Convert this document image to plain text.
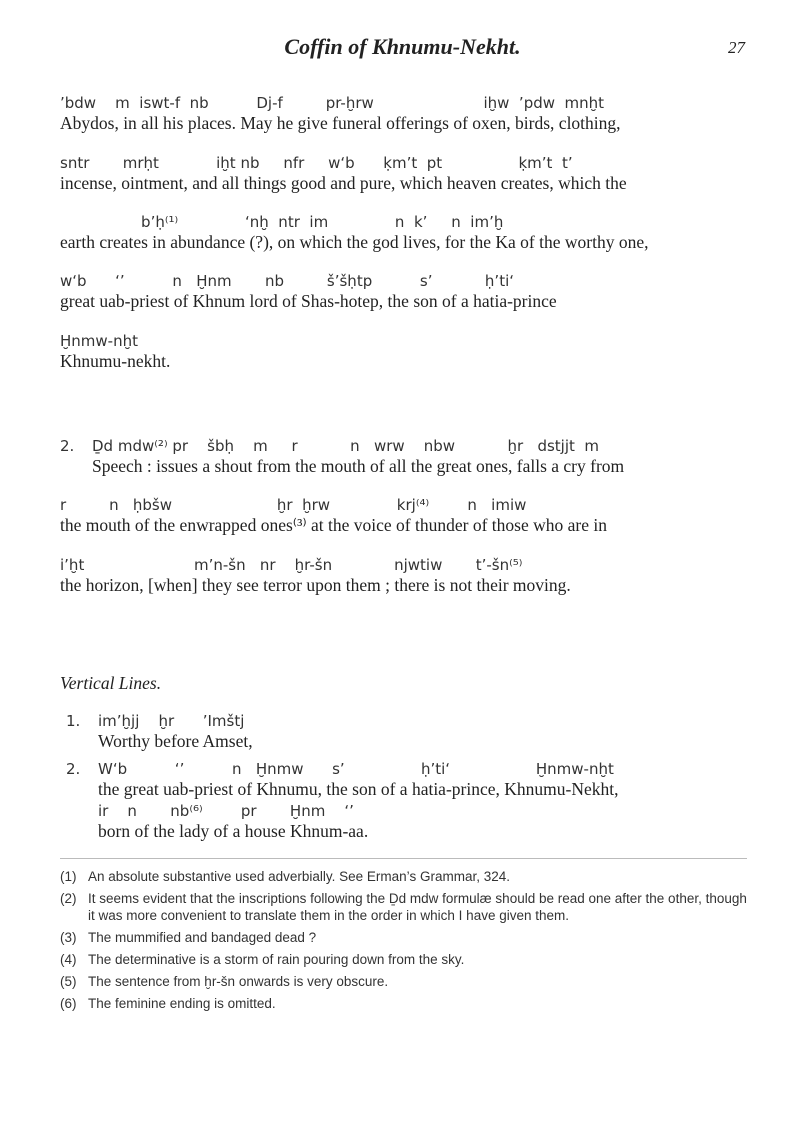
Coffin of Khnumu-Nekht.	27
’bdw    m  iswt-f  nb          Dj-f         pr-ḫrw                       iḫw  ’pdw  mnḫt
Abydos, in all his places. May he give funeral offerings of oxen, birds, clothing,
sntr       mrḥt            iḫt nb     nfr     w‘b      ḳm’t  pt                ḳm’t  t’
incense, ointment, and all things good and pure, which heaven creates, which the
b’ḥ⁽¹⁾              ‘nḫ  ntr  im              n  k’     n  im’ḫ
earth creates in abundance (?), on which the god lives, for the Ka of the worthy one,
w‘b      ‘’          n   Ḫnm       nb         š’šḥtp          s’           ḥ’ti‘
great uab-priest of Khnum lord of Shas-hotep, the son of a hatia-prince
Ḫnmw-nḫt
Khnumu-nekht.
2. Ḏd mdw⁽²⁾ pr    šbḥ    m     r           n   wrw    nbw           ḫr   dstjjt  m
Speech : issues a shout from the mouth of all the great ones, falls a cry from
r         n   ḥbšw                      ḫr  ḫrw              krj⁽⁴⁾        n   imiw
the mouth of the enwrapped ones⁽³⁾ at the voice of thunder of those who are in
i’ḫt                       m’n-šn   nr    ḫr-šn             njwtiw       t’-šn⁽⁵⁾
the horizon, [when] they see terror upon them ; there is not their moving.
Vertical Lines.
1. im’ḫjj    ḫr      ’Imštj
Worthy before Amset,
2. W‘b          ‘’          n   Ḫnmw      s’                ḥ’ti‘                  Ḫnmw-nḫt
the great uab-priest of Khnumu, the son of a hatia-prince, Khnumu-Nekht,
ir    n       nb⁽⁶⁾        pr       Ḫnm    ‘’
born of the lady of a house Khnum-aa.
(1) An absolute substantive used adverbially. See Erman’s Grammar, 324.
(2) It seems evident that the inscriptions following the Ḏd mdw formulæ should be read one after the other, though it was more convenient to translate them in the order in which I have given them.
(3) The mummified and bandaged dead ?
(4) The determinative is a storm of rain pouring down from the sky.
(5) The sentence from ḫr-šn onwards is very obscure.
(6) The feminine ending is omitted.
